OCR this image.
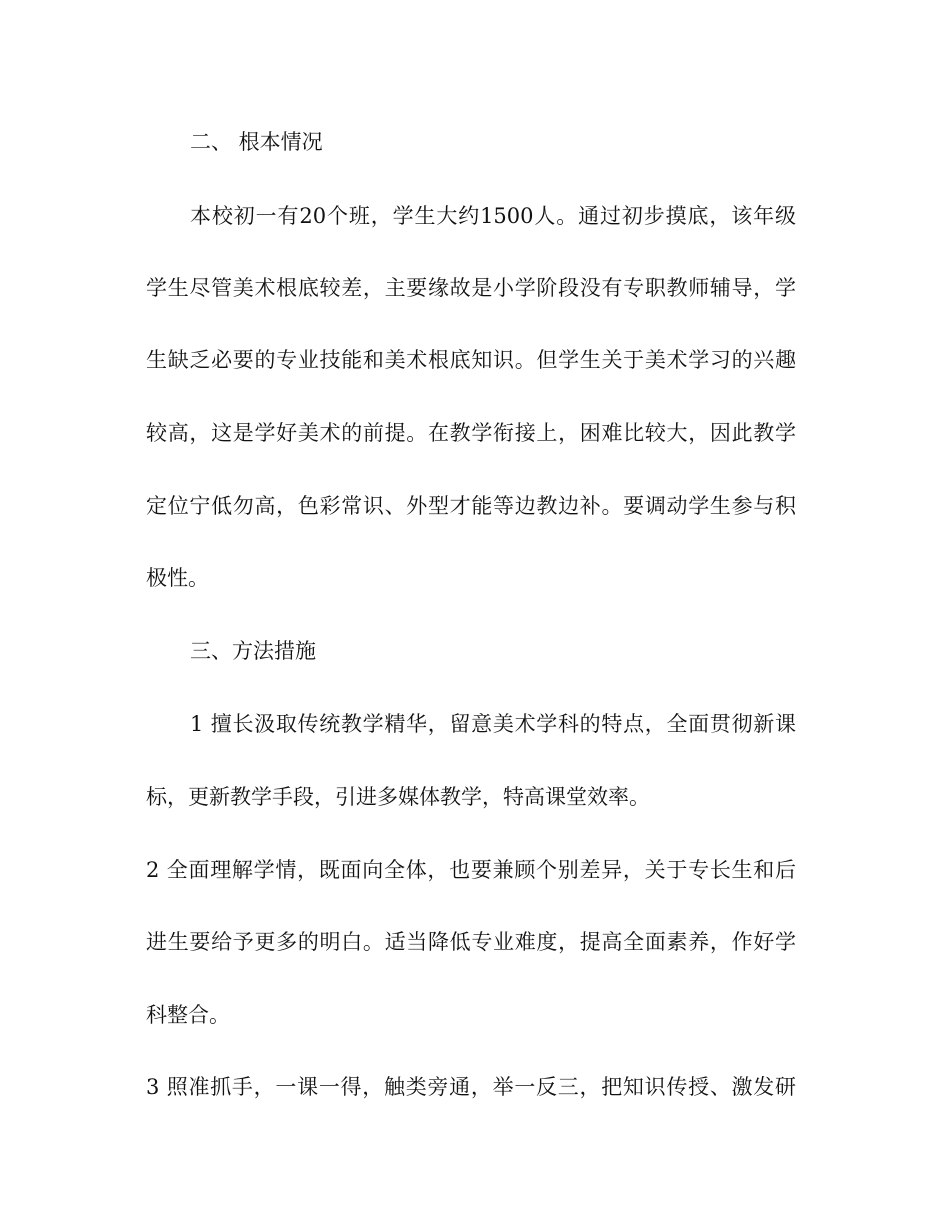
二、 根本情况
本校初一有20个班，学生大约1500人。通过初步摸底，该年级
学生尽管美术根底较差，主要缘故是小学阶段没有专职教师辅导，学
生缺乏必要的专业技能和美术根底知识。但学生关于美术学习的兴趣
较高，这是学好美术的前提。在教学衔接上，困难比较大，因此教学
定位宁低勿高，色彩常识、外型才能等边教边补。要调动学生参与积
极性。
三、方法措施
1 擅长汲取传统教学精华，留意美术学科的特点，全面贯彻新课
标，更新教学手段，引进多媒体教学，特高课堂效率。
2 全面理解学情，既面向全体，也要兼顾个别差异，关于专长生和后
进生要给予更多的明白。适当降低专业难度，提高全面素养，作好学
科整合。
3 照准抓手，一课一得，触类旁通，举一反三，把知识传授、激发研
